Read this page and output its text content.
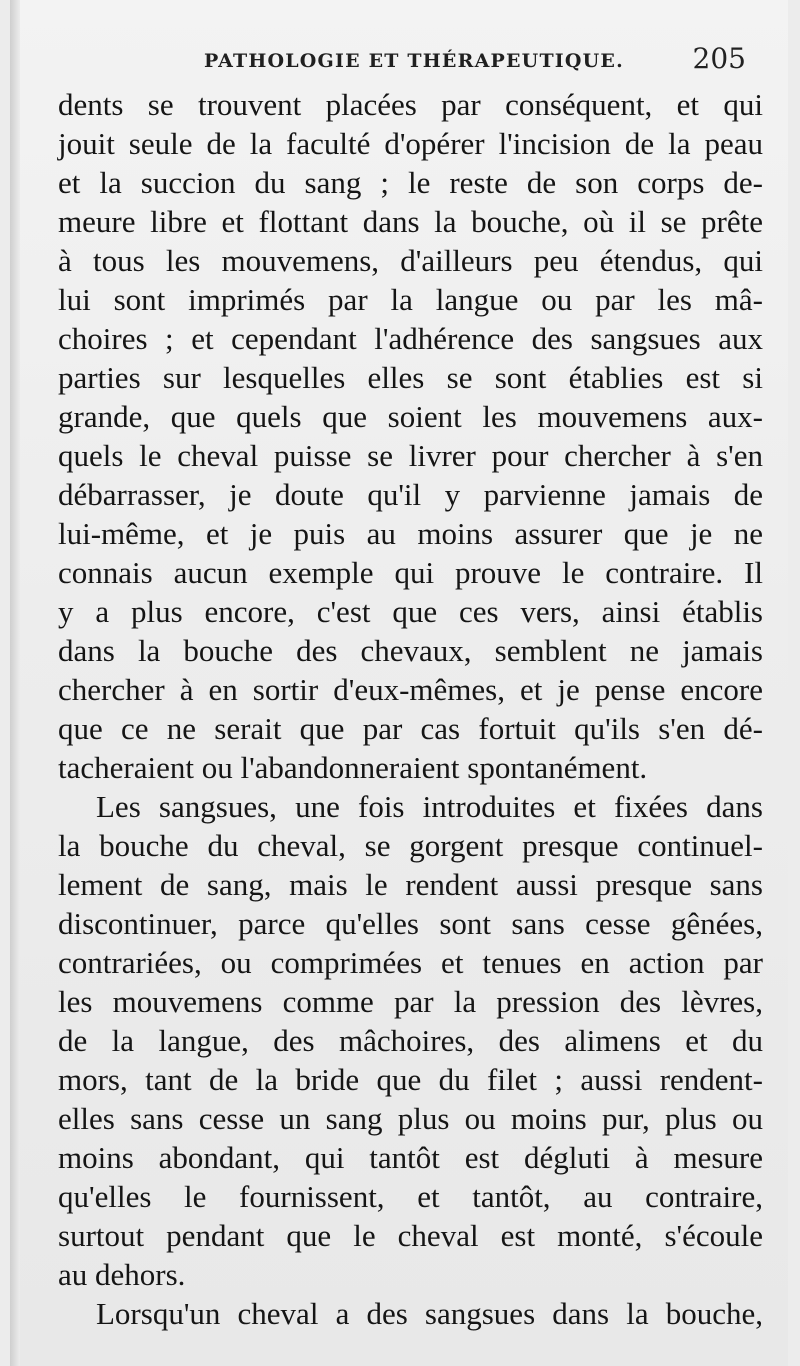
PATHOLOGIE ET THÉRAPEUTIQUE. 205
dents se trouvent placées par conséquent, et qui
jouit seule de la faculté d'opérer l'incision de la peau
et la succion du sang ; le reste de son corps de-
meure libre et flottant dans la bouche, où il se prête
à tous les mouvemens, d'ailleurs peu étendus, qui
lui sont imprimés par la langue ou par les mâ-
choires ; et cependant l'adhérence des sangsues aux
parties sur lesquelles elles se sont établies est si
grande, que quels que soient les mouvemens aux-
quels le cheval puisse se livrer pour chercher à s'en
débarrasser, je doute qu'il y parvienne jamais de
lui-même, et je puis au moins assurer que je ne
connais aucun exemple qui prouve le contraire. Il
y a plus encore, c'est que ces vers, ainsi établis
dans la bouche des chevaux, semblent ne jamais
chercher à en sortir d'eux-mêmes, et je pense encore
que ce ne serait que par cas fortuit qu'ils s'en dé-
tacheraient ou l'abandonneraient spontanément.
Les sangsues, une fois introduites et fixées dans
la bouche du cheval, se gorgent presque continuel-
lement de sang, mais le rendent aussi presque sans
discontinuer, parce qu'elles sont sans cesse gênées,
contrariées, ou comprimées et tenues en action par
les mouvemens comme par la pression des lèvres,
de la langue, des mâchoires, des alimens et du
mors, tant de la bride que du filet ; aussi rendent-
elles sans cesse un sang plus ou moins pur, plus ou
moins abondant, qui tantôt est dégluti à mesure
qu'elles le fournissent, et tantôt, au contraire,
surtout pendant que le cheval est monté, s'écoule
au dehors.
Lorsqu'un cheval a des sangsues dans la bouche,
